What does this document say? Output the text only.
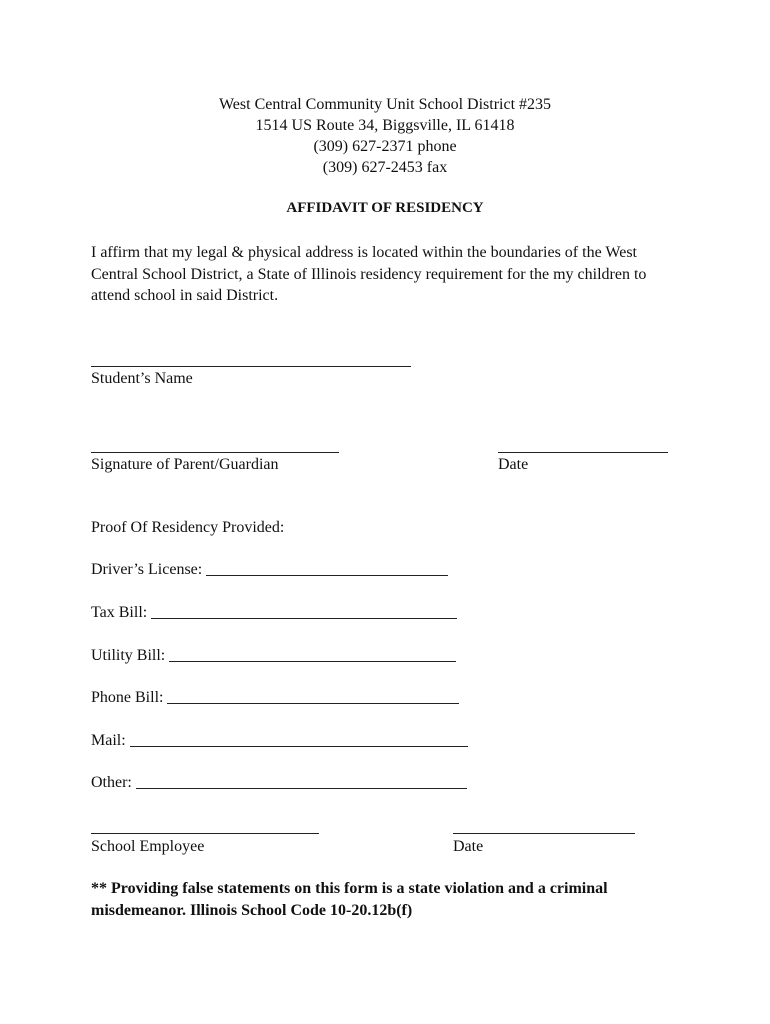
West Central Community Unit School District #235
1514 US Route 34, Biggsville, IL 61418
(309) 627-2371 phone
(309) 627-2453 fax
AFFIDAVIT OF RESIDENCY
I affirm that my legal & physical address is located within the boundaries of the West Central School District, a State of Illinois residency requirement for the my children to attend school in said District.
Student’s Name
Signature of Parent/Guardian	Date
Proof Of Residency Provided:
Driver’s License:
Tax Bill:
Utility Bill:
Phone Bill:
Mail:
Other:
School Employee	Date
** Providing false statements on this form is a state violation and a criminal misdemeanor. Illinois School Code 10-20.12b(f)
